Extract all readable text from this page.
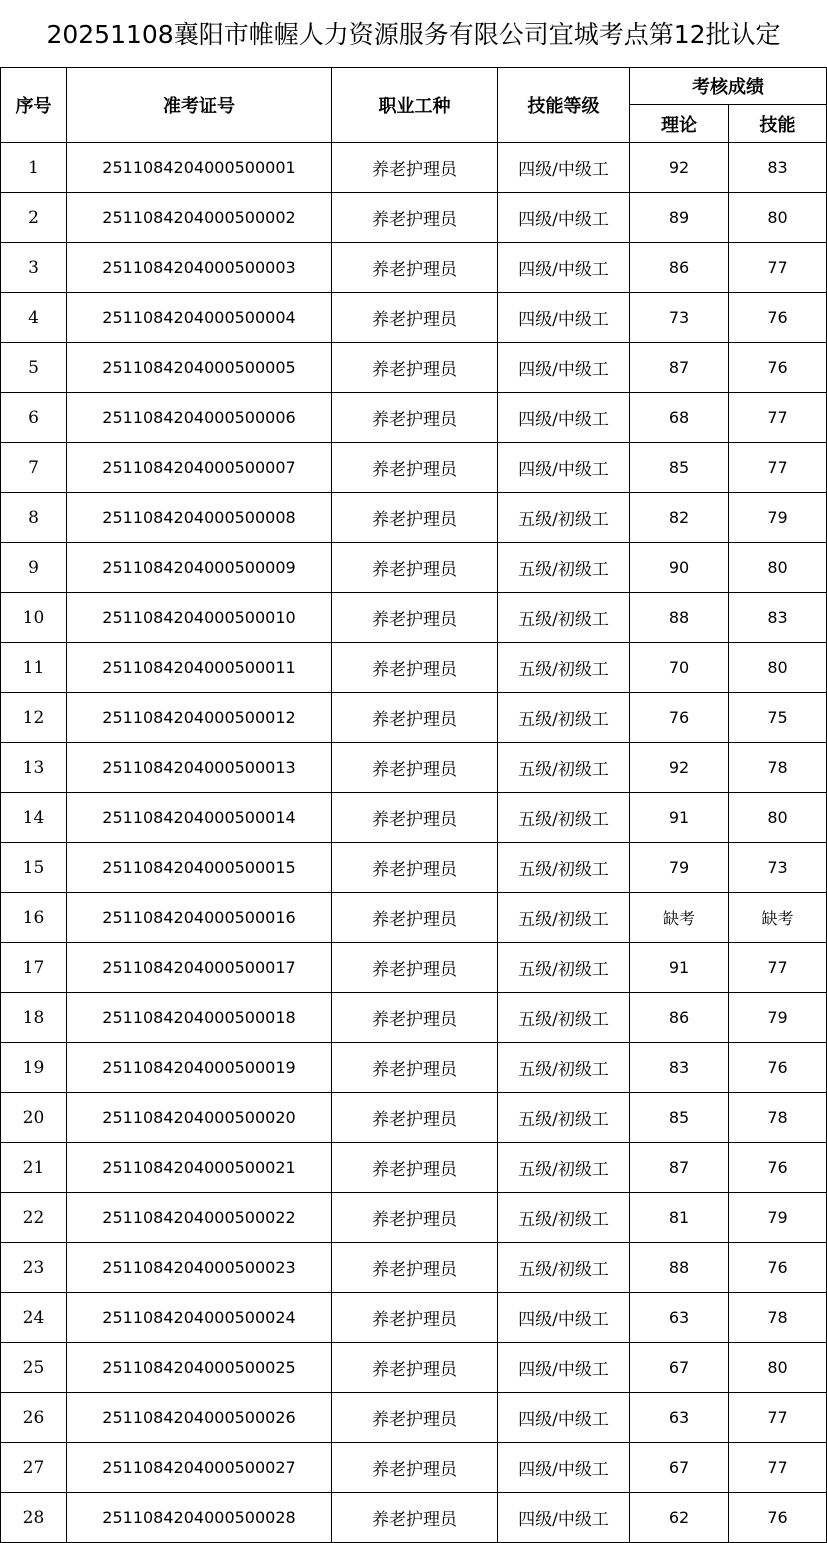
20251108襄阳市帷幄人力资源服务有限公司宜城考点第12批认定
序号	准考证号	职业工种	技能等级	考核成绩	
				理论	技能
1	2511084204000500001	养老护理员	四级/中级工	92	83
2	2511084204000500002	养老护理员	四级/中级工	89	80
3	2511084204000500003	养老护理员	四级/中级工	86	77
4	2511084204000500004	养老护理员	四级/中级工	73	76
5	2511084204000500005	养老护理员	四级/中级工	87	76
6	2511084204000500006	养老护理员	四级/中级工	68	77
7	2511084204000500007	养老护理员	四级/中级工	85	77
8	2511084204000500008	养老护理员	五级/初级工	82	79
9	2511084204000500009	养老护理员	五级/初级工	90	80
10	2511084204000500010	养老护理员	五级/初级工	88	83
11	2511084204000500011	养老护理员	五级/初级工	70	80
12	2511084204000500012	养老护理员	五级/初级工	76	75
13	2511084204000500013	养老护理员	五级/初级工	92	78
14	2511084204000500014	养老护理员	五级/初级工	91	80
15	2511084204000500015	养老护理员	五级/初级工	79	73
16	2511084204000500016	养老护理员	五级/初级工	缺考	缺考
17	2511084204000500017	养老护理员	五级/初级工	91	77
18	2511084204000500018	养老护理员	五级/初级工	86	79
19	2511084204000500019	养老护理员	五级/初级工	83	76
20	2511084204000500020	养老护理员	五级/初级工	85	78
21	2511084204000500021	养老护理员	五级/初级工	87	76
22	2511084204000500022	养老护理员	五级/初级工	81	79
23	2511084204000500023	养老护理员	五级/初级工	88	76
24	2511084204000500024	养老护理员	四级/中级工	63	78
25	2511084204000500025	养老护理员	四级/中级工	67	80
26	2511084204000500026	养老护理员	四级/中级工	63	77
27	2511084204000500027	养老护理员	四级/中级工	67	77
28	2511084204000500028	养老护理员	四级/中级工	62	76
